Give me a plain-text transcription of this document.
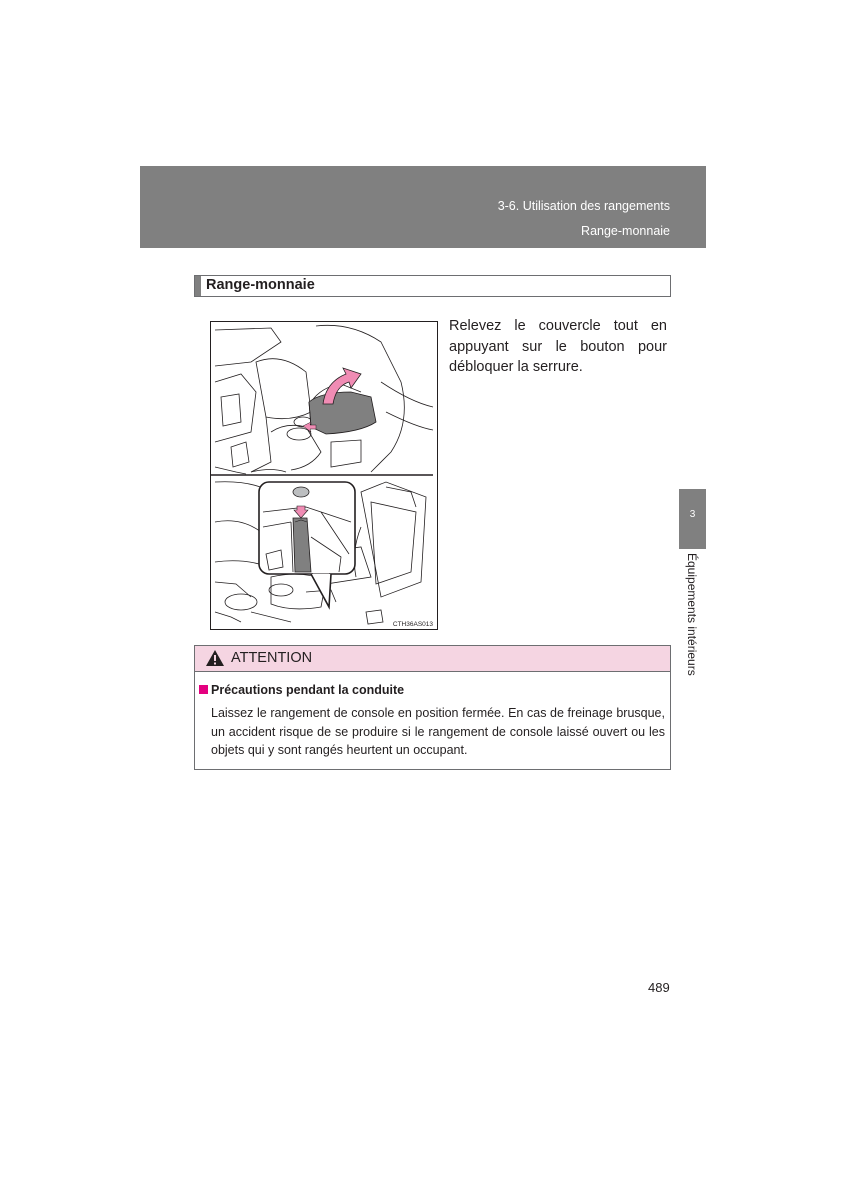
3-6. Utilisation des rangements
Range-monnaie
Range-monnaie
CTH36AS013
Relevez le couvercle tout en appuyant sur le bouton pour débloquer la serrure.
3
Équipements intérieurs
ATTENTION
Précautions pendant la conduite
Laissez le rangement de console en position fermée. En cas de freinage brusque, un accident risque de se produire si le rangement de console laissé ouvert ou les objets qui y sont rangés heurtent un occupant.
489
